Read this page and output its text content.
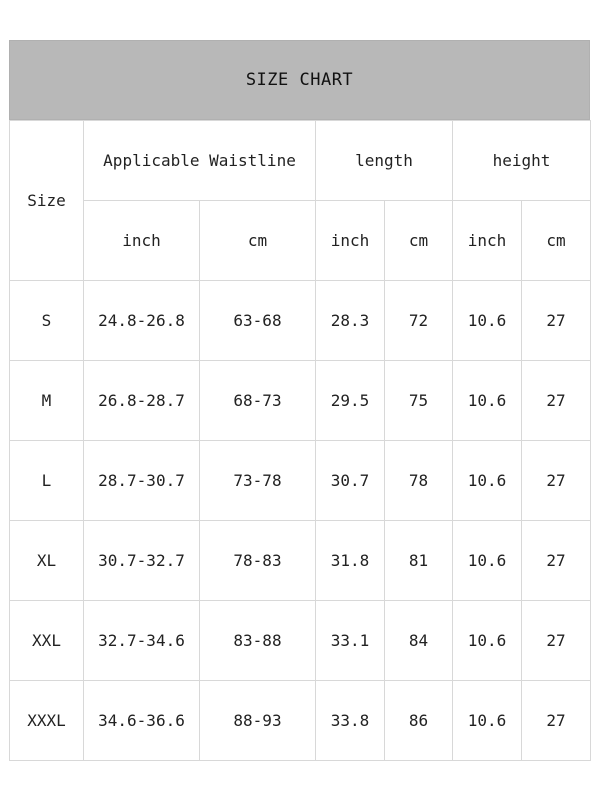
SIZE CHART
Size	Applicable Waistline		length		height	
	inch	cm	inch	cm	inch	cm
S	24.8-26.8	63-68	28.3	72	10.6	27
M	26.8-28.7	68-73	29.5	75	10.6	27
L	28.7-30.7	73-78	30.7	78	10.6	27
XL	30.7-32.7	78-83	31.8	81	10.6	27
XXL	32.7-34.6	83-88	33.1	84	10.6	27
XXXL	34.6-36.6	88-93	33.8	86	10.6	27
